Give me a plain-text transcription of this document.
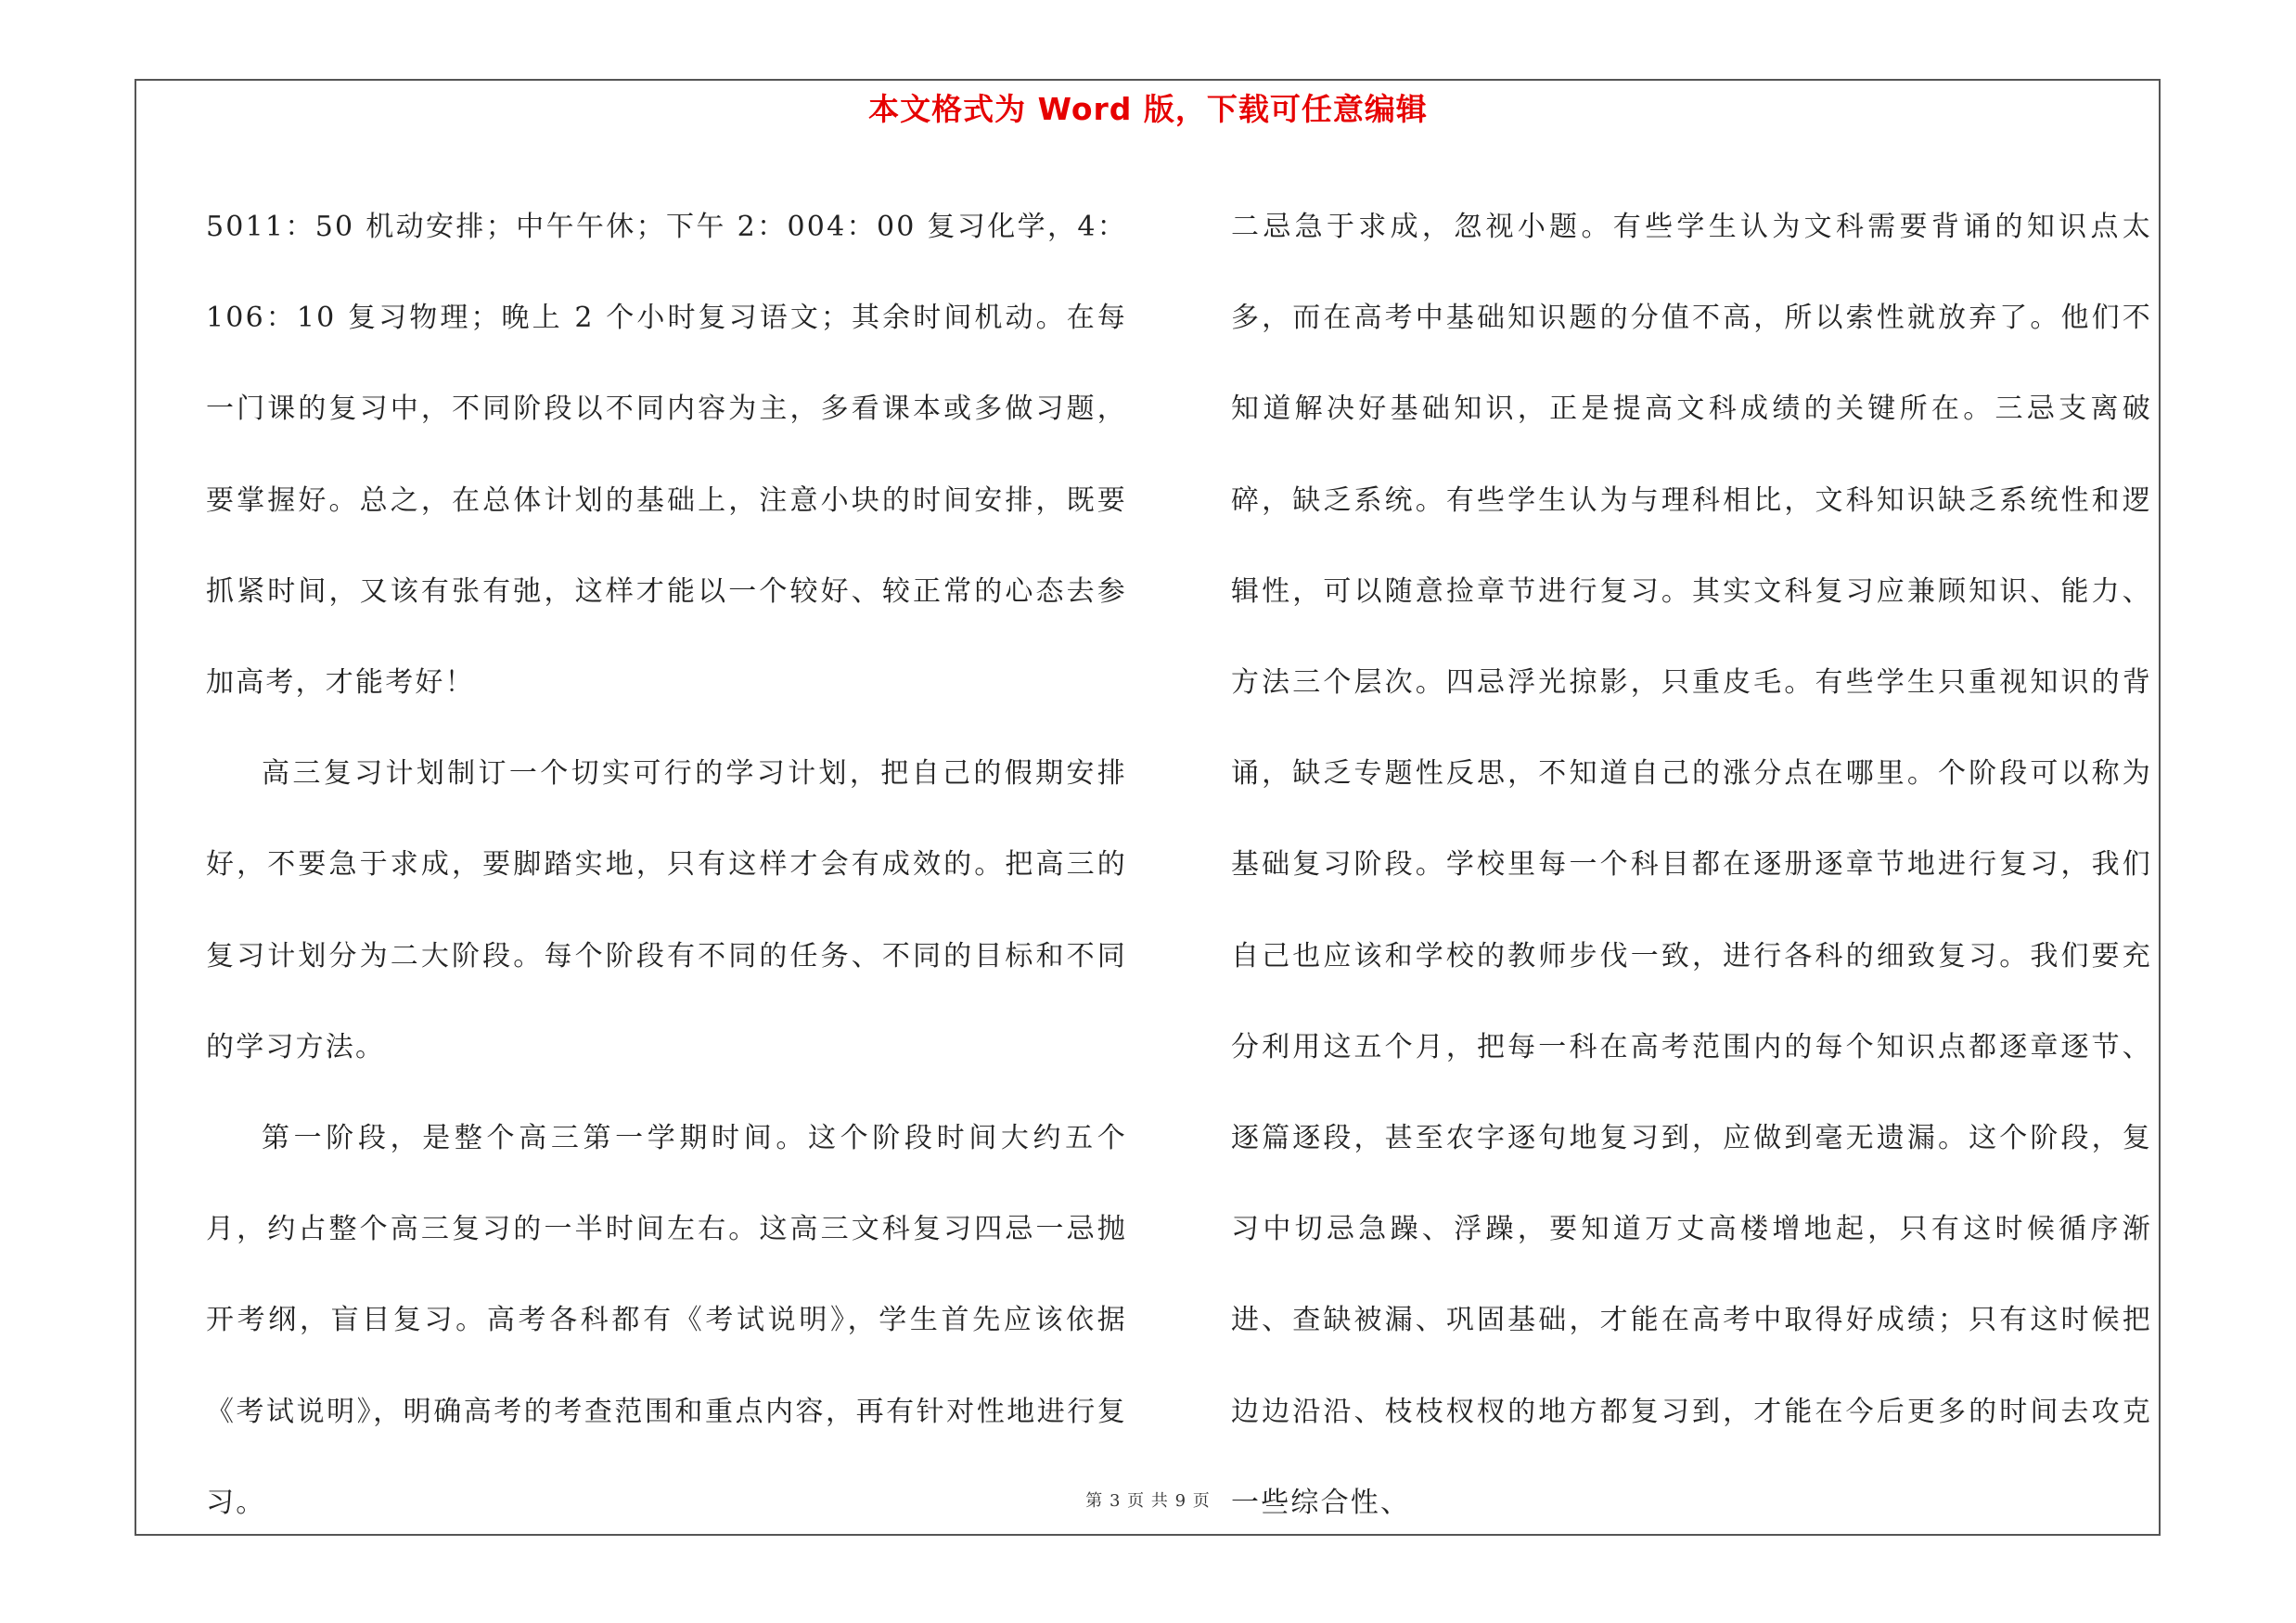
本文格式为 Word 版，下载可任意编辑

5011：50 机动安排；中午午休；下午 2：004：00 复习化学，4：106：10 复习物理；晚上 2 个小时复习语文；其余时间机动。在每一门课的复习中，不同阶段以不同内容为主，多看课本或多做习题，要掌握好。总之，在总体计划的基础上，注意小块的时间安排，既要抓紧时间，又该有张有弛，这样才能以一个较好、较正常的心态去参加高考，才能考好！

高三复习计划制订一个切实可行的学习计划，把自己的假期安排好，不要急于求成，要脚踏实地，只有这样才会有成效的。把高三的复习计划分为二大阶段。每个阶段有不同的任务、不同的目标和不同的学习方法。

第一阶段，是整个高三第一学期时间。这个阶段时间大约五个月，约占整个高三复习的一半时间左右。这高三文科复习四忌一忌抛开考纲，盲目复习。高考各科都有《考试说明》，学生首先应该依据《考试说明》，明确高考的考查范围和重点内容，再有针对性地进行复习。

二忌急于求成，忽视小题。有些学生认为文科需要背诵的知识点太多，而在高考中基础知识题的分值不高，所以索性就放弃了。他们不知道解决好基础知识，正是提高文科成绩的关键所在。三忌支离破碎，缺乏系统。有些学生认为与理科相比，文科知识缺乏系统性和逻辑性，可以随意捡章节进行复习。其实文科复习应兼顾知识、能力、方法三个层次。四忌浮光掠影，只重皮毛。有些学生只重视知识的背诵，缺乏专题性反思，不知道自己的涨分点在哪里。个阶段可以称为基础复习阶段。学校里每一个科目都在逐册逐章节地进行复习，我们自己也应该和学校的教师步伐一致，进行各科的细致复习。我们要充分利用这五个月，把每一科在高考范围内的每个知识点都逐章逐节、逐篇逐段，甚至农字逐句地复习到，应做到毫无遗漏。这个阶段，复习中切忌急躁、浮躁，要知道万丈高楼增地起，只有这时候循序渐进、查缺被漏、巩固基础，才能在高考中取得好成绩；只有这时候把边边沿沿、枝枝杈杈的地方都复习到，才能在今后更多的时间去攻克一些综合性、

第 3 页 共 9 页
